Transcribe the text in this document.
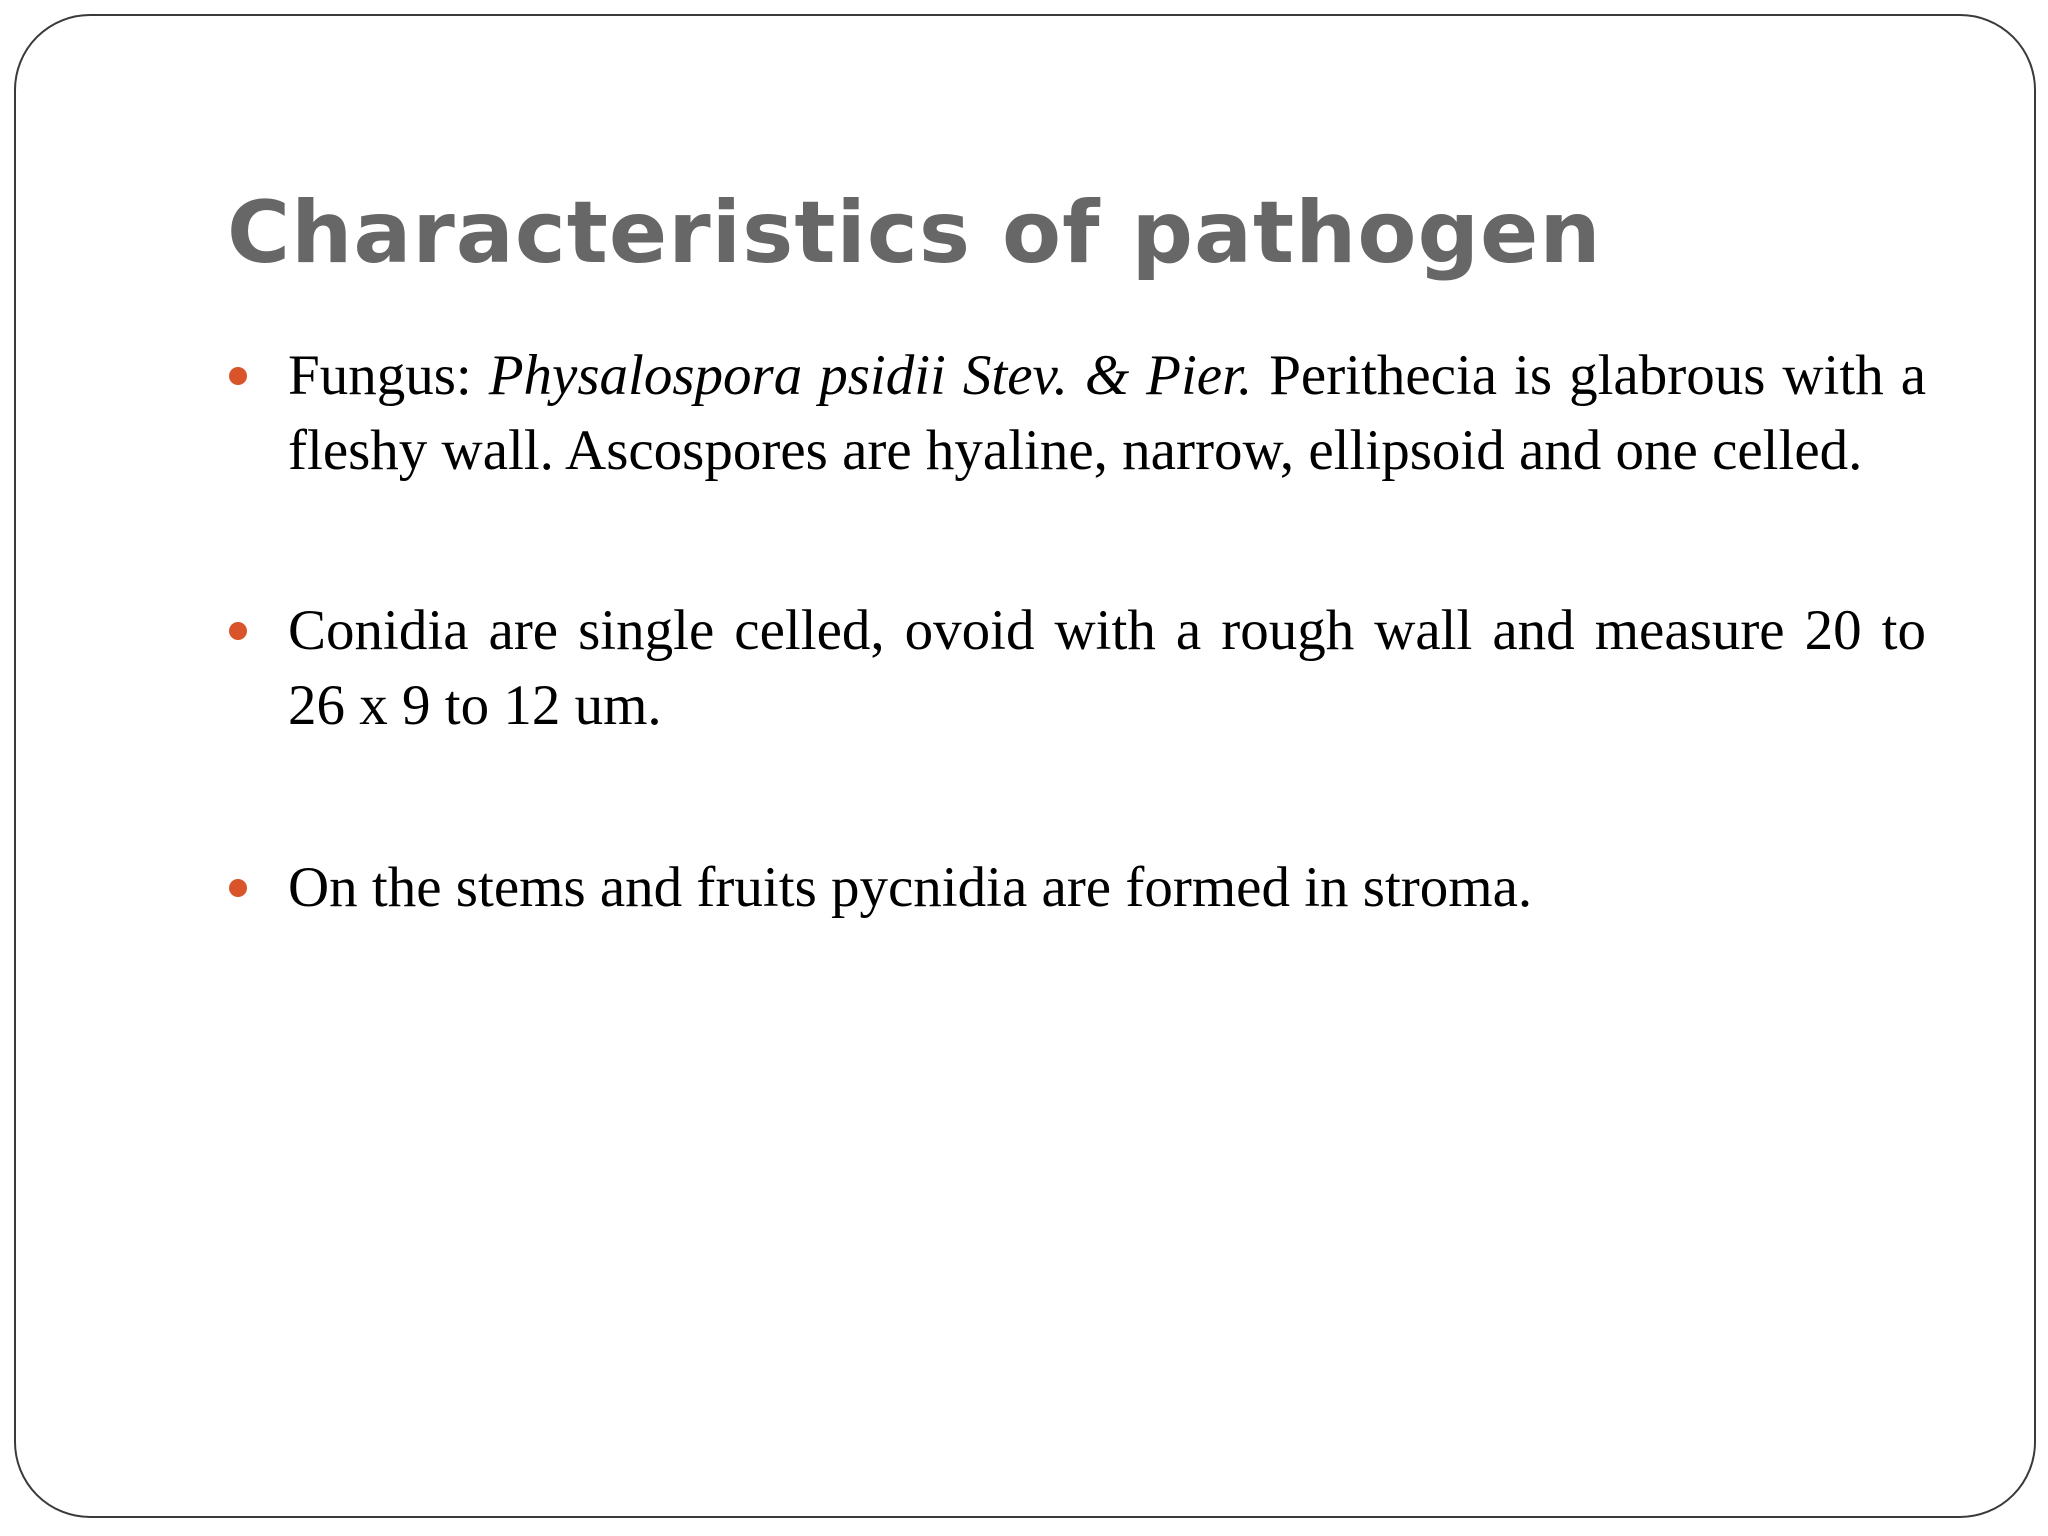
Characteristics of pathogen
Fungus: Physalospora psidii Stev. & Pier. Perithecia is glabrous with a fleshy wall. Ascospores are hyaline, narrow, ellipsoid and one celled.
Conidia are single celled, ovoid with a rough wall and measure 20 to 26 x 9 to 12 um.
On the stems and fruits pycnidia are formed in stroma.
